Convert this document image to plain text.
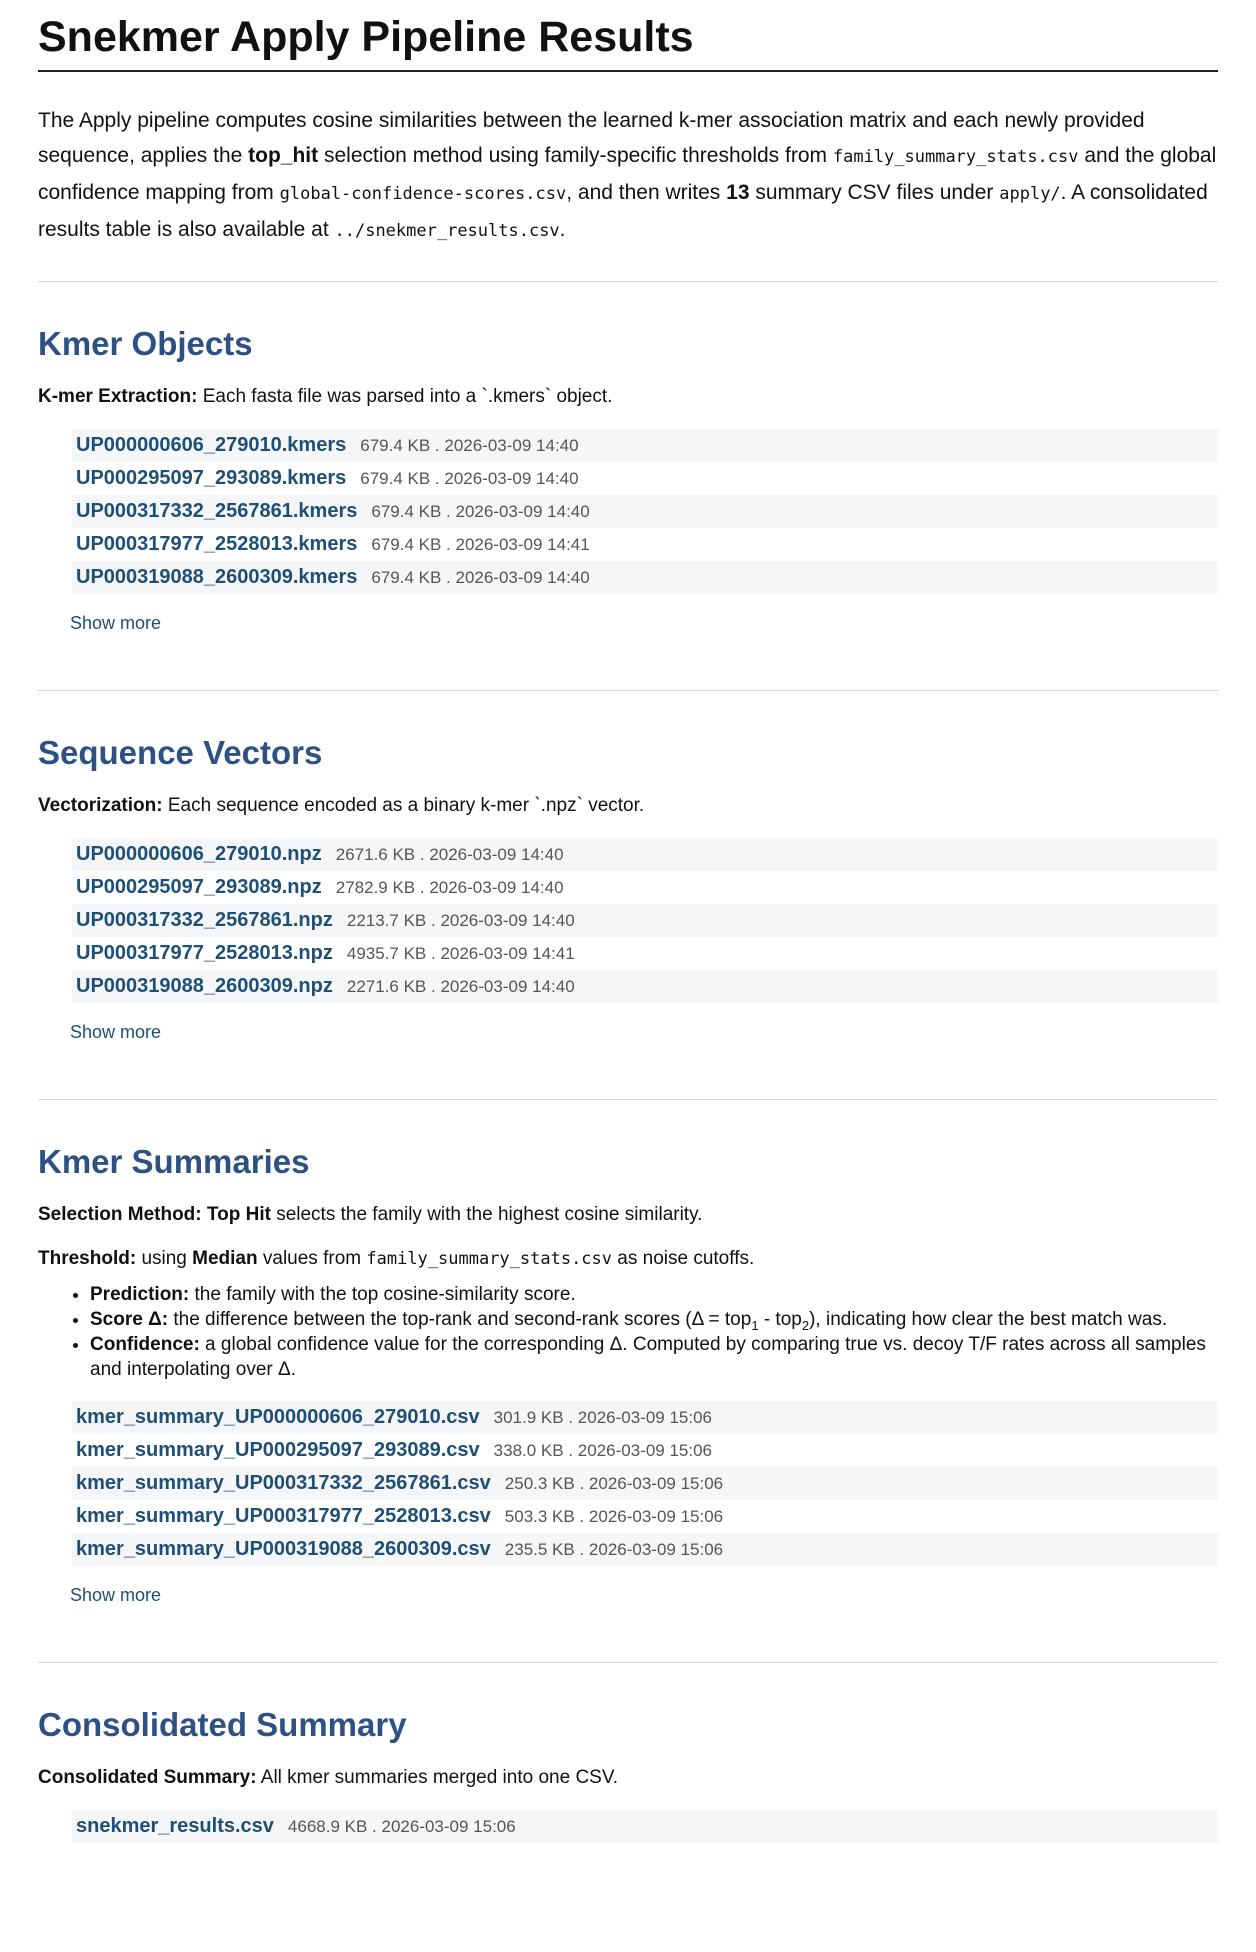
Snekmer Apply Pipeline Results

The Apply pipeline computes cosine similarities between the learned k-mer association matrix and each newly provided sequence, applies the top_hit selection method using family-specific thresholds from family_summary_stats.csv and the global confidence mapping from global-confidence-scores.csv, and then writes 13 summary CSV files under apply/. A consolidated results table is also available at ../snekmer_results.csv.

Kmer Objects

K-mer Extraction: Each fasta file was parsed into a `.kmers` object.

UP000000606_279010.kmers 679.4 KB . 2026-03-09 14:40
UP000295097_293089.kmers 679.4 KB . 2026-03-09 14:40
UP000317332_2567861.kmers 679.4 KB . 2026-03-09 14:40
UP000317977_2528013.kmers 679.4 KB . 2026-03-09 14:41
UP000319088_2600309.kmers 679.4 KB . 2026-03-09 14:40
Show more
Sequence Vectors

Vectorization: Each sequence encoded as a binary k-mer `.npz` vector.

UP000000606_279010.npz 2671.6 KB . 2026-03-09 14:40
UP000295097_293089.npz 2782.9 KB . 2026-03-09 14:40
UP000317332_2567861.npz 2213.7 KB . 2026-03-09 14:40
UP000317977_2528013.npz 4935.7 KB . 2026-03-09 14:41
UP000319088_2600309.npz 2271.6 KB . 2026-03-09 14:40
Show more
Kmer Summaries

Selection Method: Top Hit selects the family with the highest cosine similarity.

Threshold: using Median values from family_summary_stats.csv as noise cutoffs.

• Prediction: the family with the top cosine-similarity score.
• Score Δ: the difference between the top-rank and second-rank scores (Δ = top$_1$ - top$_2$), indicating how clear the best match was.
• Confidence: a global confidence value for the corresponding Δ. Computed by comparing true vs. decoy T/F rates across all samples and interpolating over Δ.
kmer_summary_UP000000606_279010.csv 301.9 KB . 2026-03-09 15:06
kmer_summary_UP000295097_293089.csv 338.0 KB . 2026-03-09 15:06
kmer_summary_UP000317332_2567861.csv 250.3 KB . 2026-03-09 15:06
kmer_summary_UP000317977_2528013.csv 503.3 KB . 2026-03-09 15:06
kmer_summary_UP000319088_2600309.csv 235.5 KB . 2026-03-09 15:06
Show more
Consolidated Summary

Consolidated Summary: All kmer summaries merged into one CSV.

snekmer_results.csv 4668.9 KB . 2026-03-09 15:06
